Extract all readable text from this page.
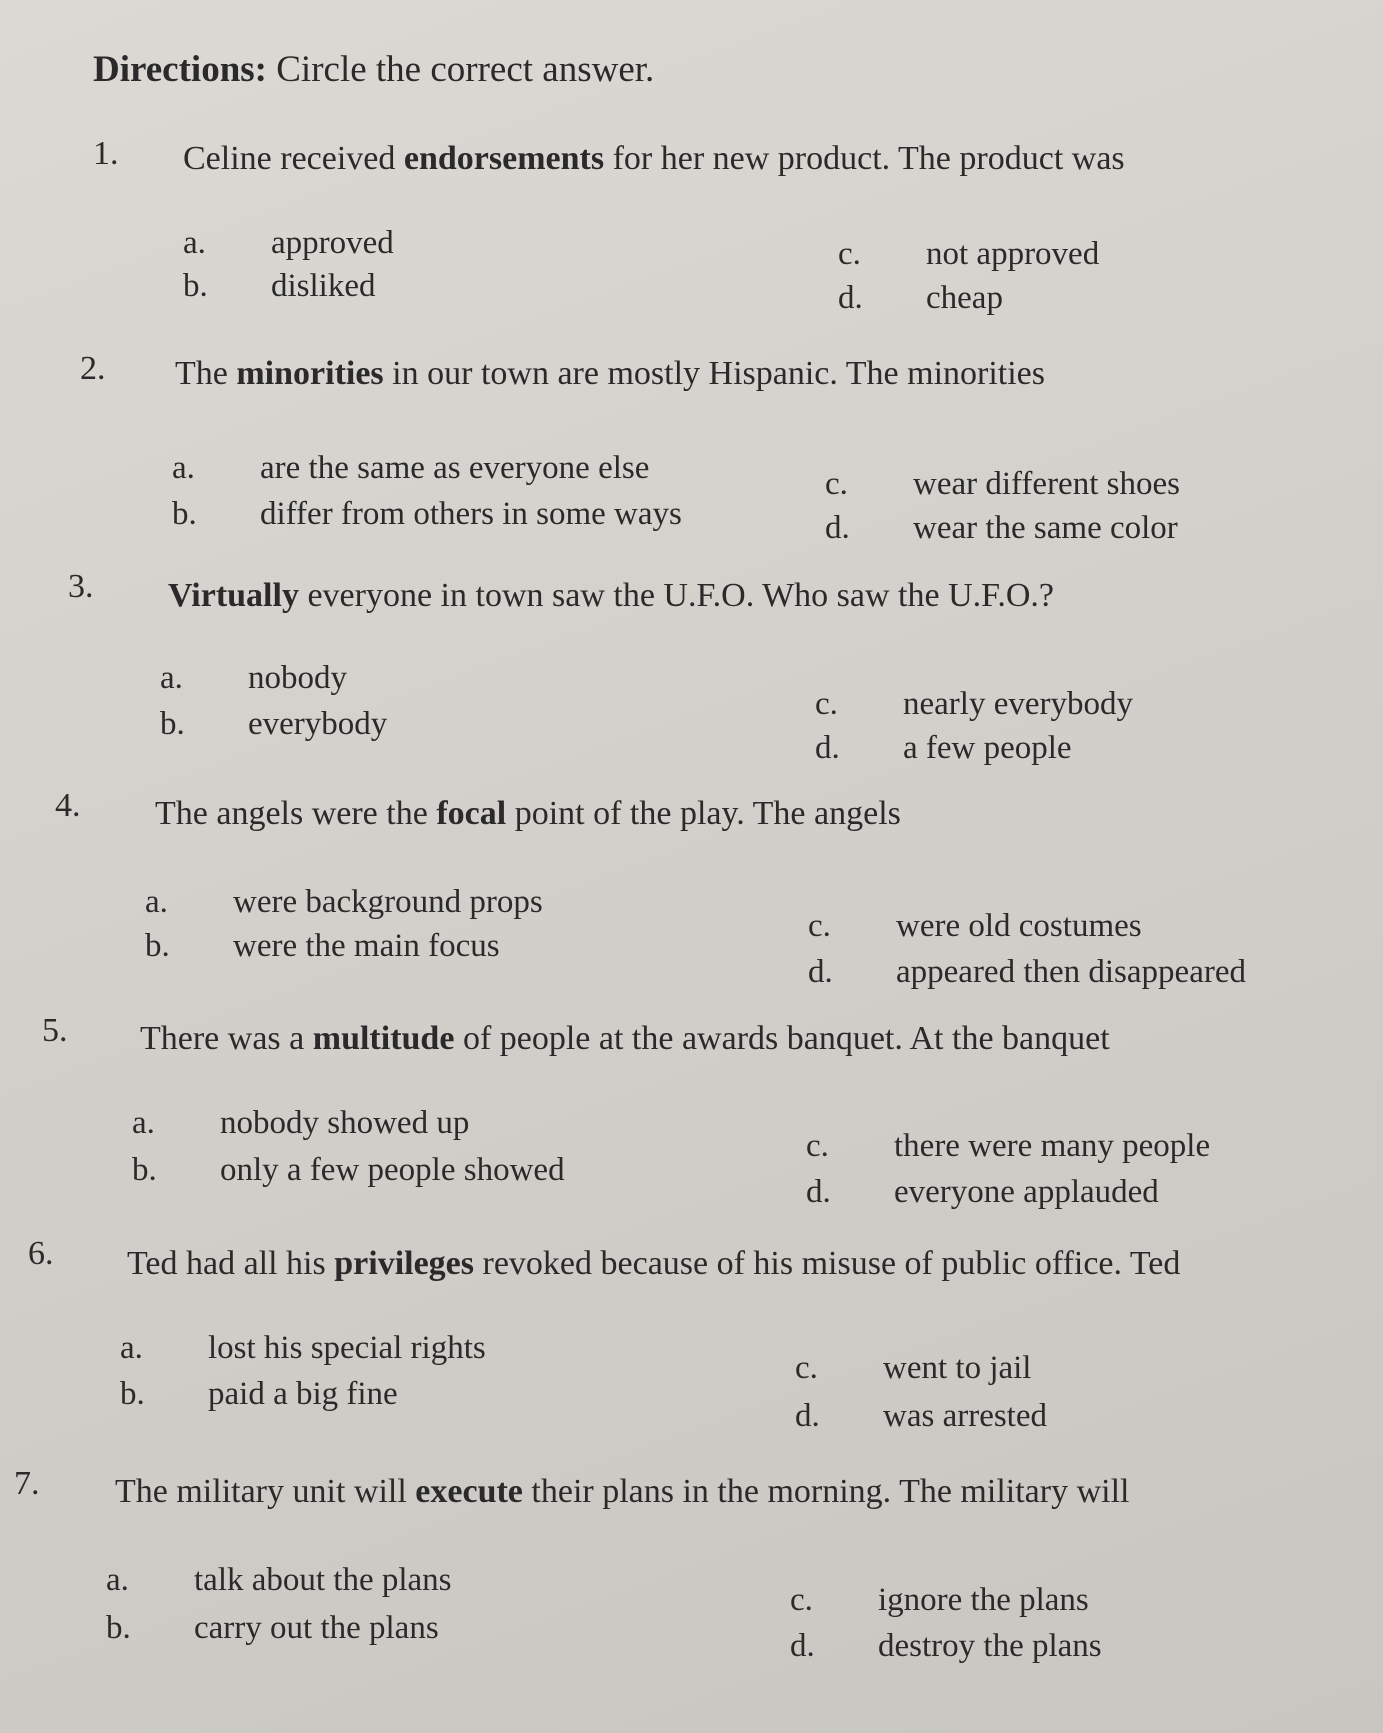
Directions: Circle the correct answer.
1. Celine received endorsements for her new product. The product was
a. approved
b. disliked
c. not approved
d. cheap
2. The minorities in our town are mostly Hispanic. The minorities
a. are the same as everyone else
b. differ from others in some ways
c. wear different shoes
d. wear the same color
3. Virtually everyone in town saw the U.F.O. Who saw the U.F.O.?
a. nobody
b. everybody
c. nearly everybody
d. a few people
4. The angels were the focal point of the play. The angels
a. were background props
b. were the main focus
c. were old costumes
d. appeared then disappeared
5. There was a multitude of people at the awards banquet. At the banquet
a. nobody showed up
b. only a few people showed
c. there were many people
d. everyone applauded
6. Ted had all his privileges revoked because of his misuse of public office. Ted
a. lost his special rights
b. paid a big fine
c. went to jail
d. was arrested
7. The military unit will execute their plans in the morning. The military will
a. talk about the plans
b. carry out the plans
c. ignore the plans
d. destroy the plans
